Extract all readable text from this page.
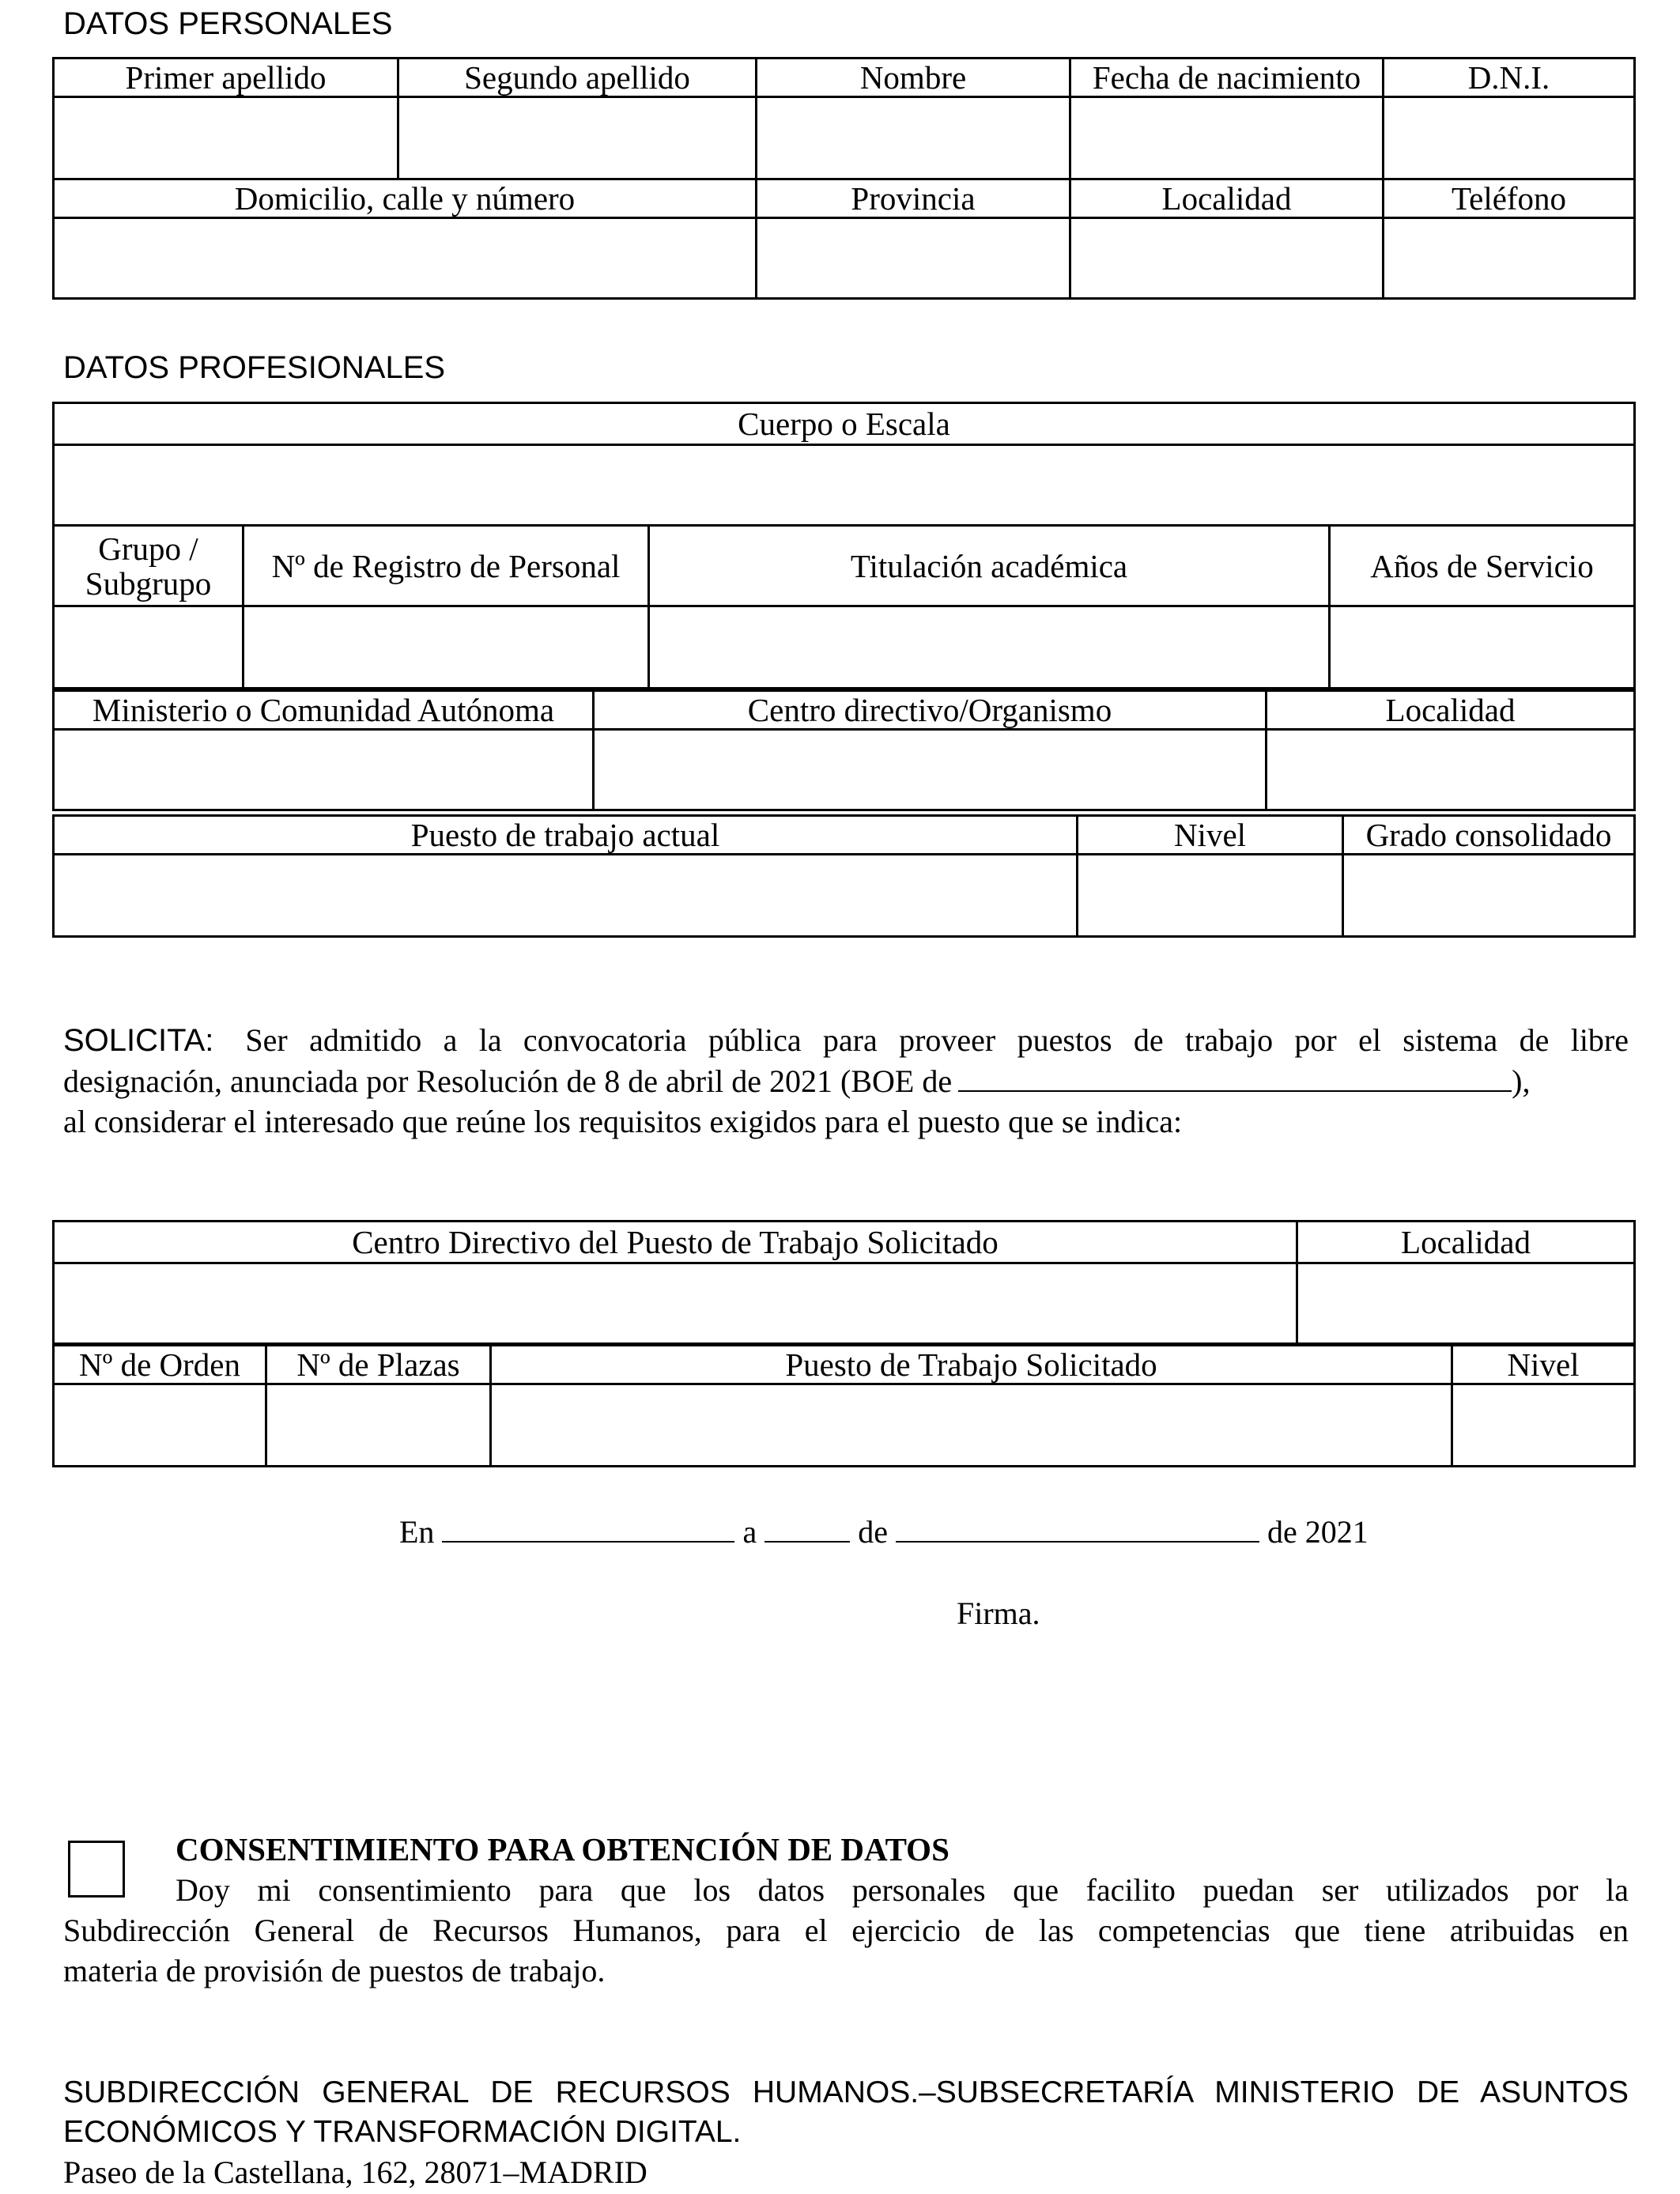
DATOS PERSONALES
Primer apellido	Segundo apellido	Nombre	Fecha de nacimiento	D.N.I.

Domicilio, calle y número		Provincia	Localidad	Teléfono

DATOS PROFESIONALES
Cuerpo o Escala			

Grupo /
Subgrupo	Nº de Registro de Personal	Titulación académica	Años de Servicio

Ministerio o Comunidad Autónoma	Centro directivo/Organismo	Localidad

Puesto de trabajo actual	Nivel	Grado consolidado

SOLICITA: Ser admitido a la convocatoria pública para proveer puestos de trabajo por el sistema de libre
designación, anunciada por Resolución de 8 de abril de 2021 (BOE de	),
al considerar el interesado que reúne los requisitos exigidos para el puesto que se indica:
Centro Directivo del Puesto de Trabajo Solicitado	Localidad

Nº de Orden	Nº de Plazas	Puesto de Trabajo Solicitado	Nivel

En	a	de	de 2021
Firma.
CONSENTIMIENTO PARA OBTENCIÓN DE DATOS
Doy mi consentimiento para que los datos personales que facilito puedan ser utilizados por la
Subdirección General de Recursos Humanos, para el ejercicio de las competencias que tiene atribuidas en
materia de provisión de puestos de trabajo.
SUBDIRECCIÓN GENERAL DE RECURSOS HUMANOS.–SUBSECRETARÍA MINISTERIO DE ASUNTOS
ECONÓMICOS Y TRANSFORMACIÓN DIGITAL.
Paseo de la Castellana, 162, 28071–MADRID
